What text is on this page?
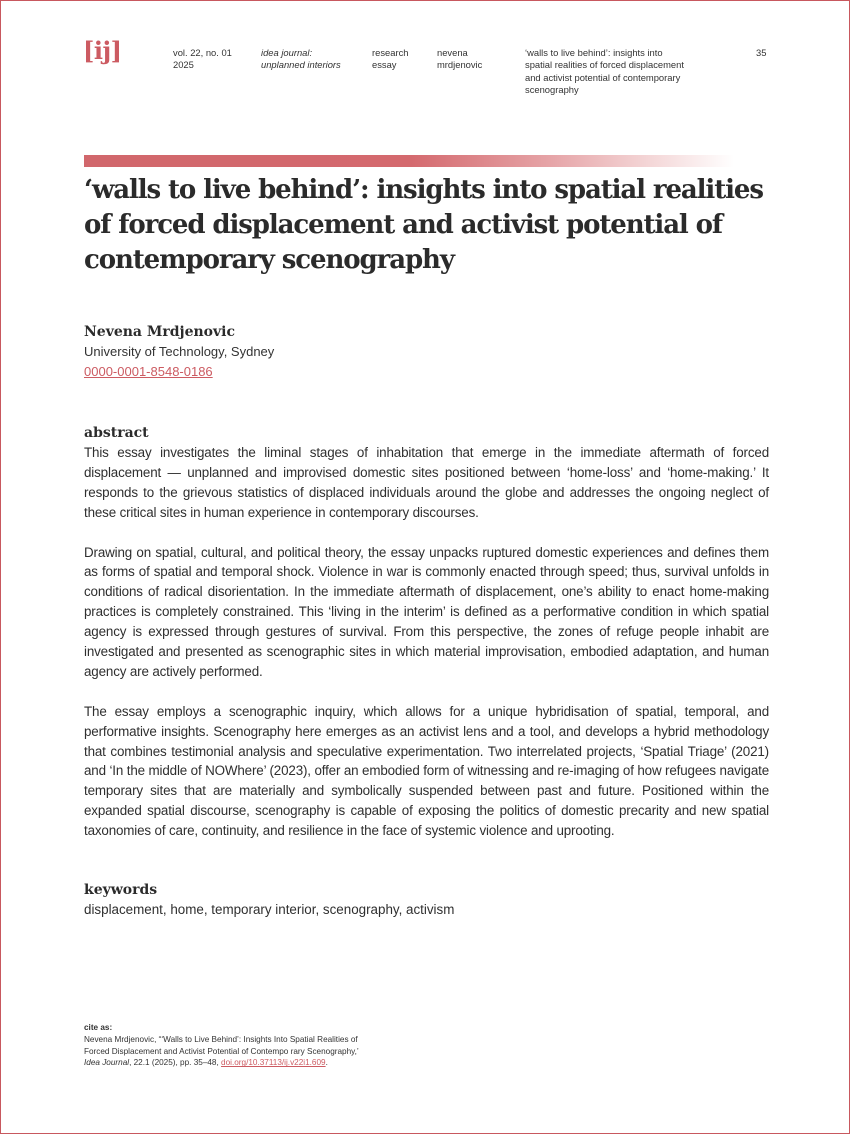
[ij]	vol. 22, no. 01
2025
idea journal:
unplanned interiors
research
essay
nevena
mrdjenovic
‘walls to live behind’: insights into
spatial realities of forced displacement
and activist potential of contemporary
scenography
35
‘walls to live behind’: insights into spatial realities of forced displacement and activist potential of contemporary scenography
Nevena Mrdjenovic
University of Technology, Sydney
0000-0001-8548-0186
abstract

This essay investigates the liminal stages of inhabitation that emerge in the immediate aftermath of forced displacement — unplanned and improvised domestic sites positioned between ‘home-loss’ and ‘home-making.’ It responds to the grievous statistics of displaced individuals around the globe and addresses the ongoing neglect of these critical sites in human experience in contemporary discourses.

Drawing on spatial, cultural, and political theory, the essay unpacks ruptured domestic experiences and defines them as forms of spatial and temporal shock. Violence in war is commonly enacted through speed; thus, survival unfolds in conditions of radical disorientation. In the immediate aftermath of displacement, one’s ability to enact home-making practices is completely constrained. This ‘living in the interim’ is defined as a performative condition in which spatial agency is expressed through gestures of survival. From this perspective, the zones of refuge people inhabit are investigated and presented as scenographic sites in which material improvisation, embodied adaptation, and human agency are actively performed.

The essay employs a scenographic inquiry, which allows for a unique hybridisation of spatial, temporal, and performative insights. Scenography here emerges as an activist lens and a tool, and develops a hybrid methodology that combines testimonial analysis and speculative experimentation. Two interrelated projects, ‘Spatial Triage’ (2021) and ‘In the middle of NOWhere’ (2023), offer an embodied form of witnessing and re-imaging of how refugees navigate temporary sites that are materially and symbolically suspended between past and future. Positioned within the expanded spatial discourse, scenography is capable of exposing the politics of domestic precarity and new spatial taxonomies of care, continuity, and resilience in the face of systemic violence and uprooting.

keywords
displacement, home, temporary interior, scenography, activism
cite as:
Nevena Mrdjenovic, “‘Walls to Live Behind’: Insights Into Spatial Realities of
Forced Displacement and Activist Potential of Contempo rary Scenography,’
Idea Journal, 22.1 (2025), pp. 35–48, doi.org/10.37113/ij.v22i1.609.
